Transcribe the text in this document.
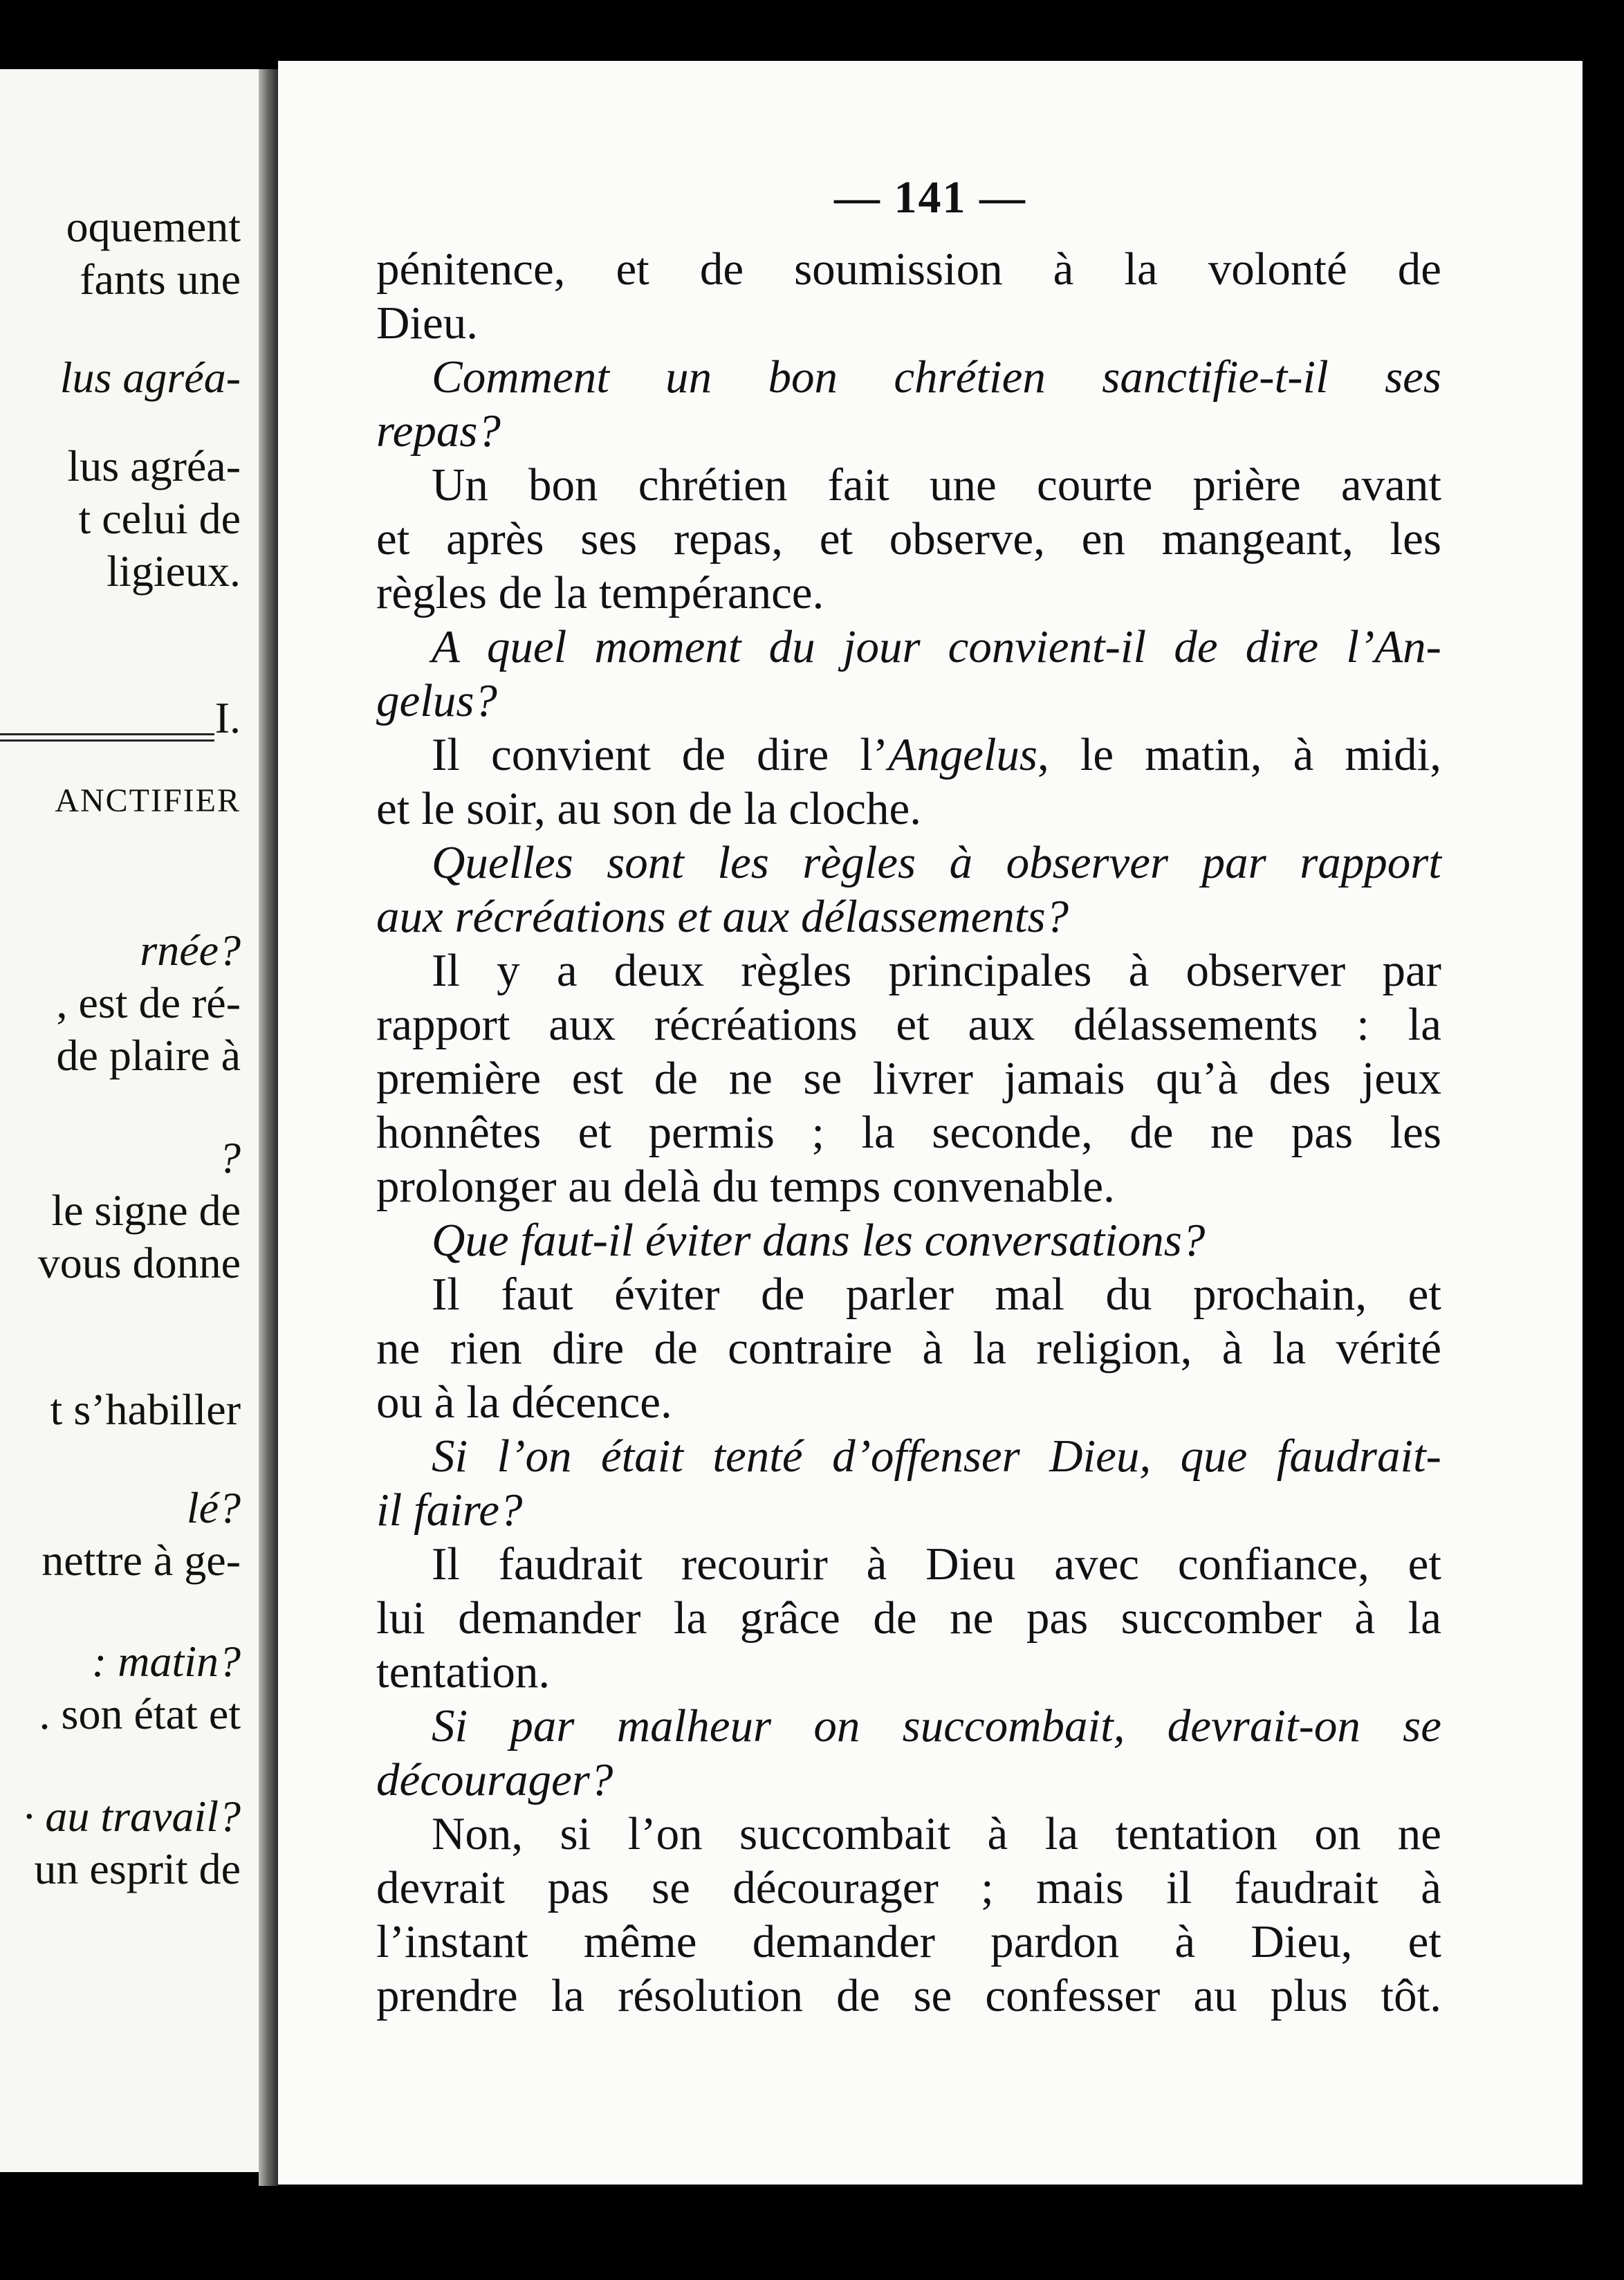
oquement
fants une
lus agréa-
lus agréa-
t celui de
ligieux.
I.
ANCTIFIER
rnée?
, est de ré-
de plaire à
?
le signe de
vous donne
t s’habiller
lé?
nettre à ge-
: matin?
. son état et
· au travail?
un esprit de
— 141 —
pénitence, et de soumission à la volonté de
Dieu.
Comment un bon chrétien sanctifie-t-il ses
repas?
Un bon chrétien fait une courte prière avant
et après ses repas, et observe, en mangeant, les
règles de la tempérance.
A quel moment du jour convient-il de dire l’An-
gelus?
Il convient de dire l’Angelus, le matin, à midi,
et le soir, au son de la cloche.
Quelles sont les règles à observer par rapport
aux récréations et aux délassements?
Il y a deux règles principales à observer par
rapport aux récréations et aux délassements : la
première est de ne se livrer jamais qu’à des jeux
honnêtes et permis ; la seconde, de ne pas les
prolonger au delà du temps convenable.
Que faut-il éviter dans les conversations?
Il faut éviter de parler mal du prochain, et
ne rien dire de contraire à la religion, à la vérité
ou à la décence.
Si l’on était tenté d’offenser Dieu, que faudrait-
il faire?
Il faudrait recourir à Dieu avec confiance, et
lui demander la grâce de ne pas succomber à la
tentation.
Si par malheur on succombait, devrait-on se
décourager?
Non, si l’on succombait à la tentation on ne
devrait pas se décourager ; mais il faudrait à
l’instant même demander pardon à Dieu, et
prendre la résolution de se confesser au plus tôt.
